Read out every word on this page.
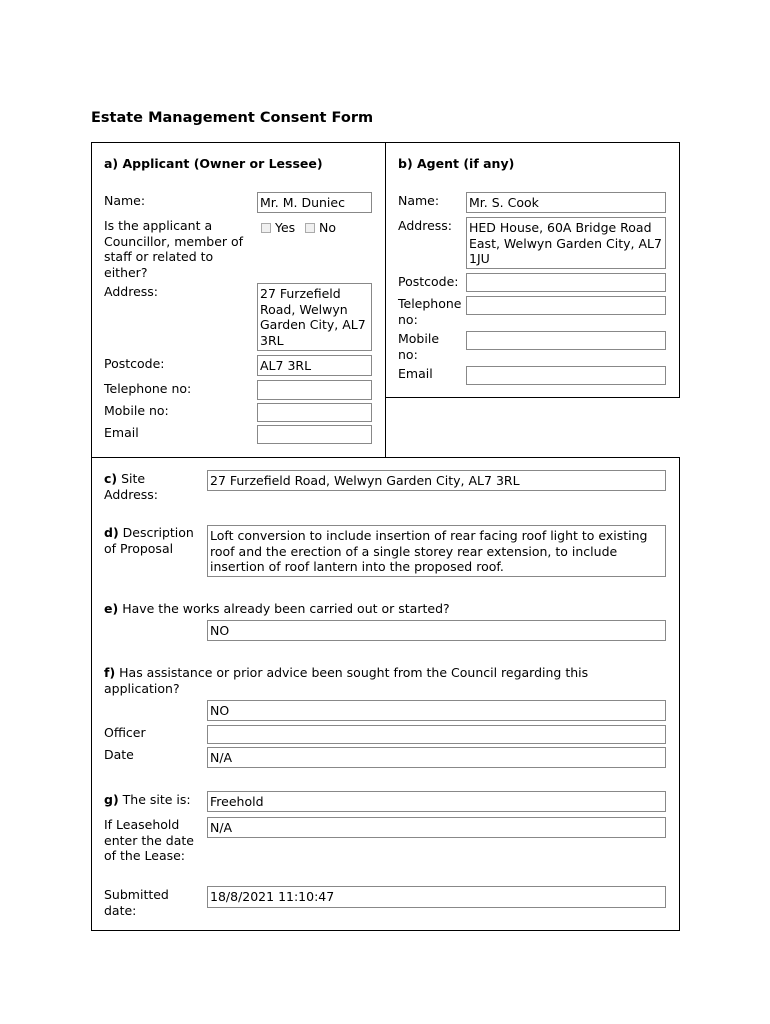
Estate Management Consent Form
a) Applicant (Owner or Lessee)
Name:	Mr. M. Duniec
Is the applicant a Councillor, member of staff or related to either?
Yes	No
Address:	27 Furzefield Road, Welwyn Garden City, AL7 3RL
Postcode:	AL7 3RL
Telephone no:
Mobile no:
Email
b) Agent (if any)
Name: Mr. S. Cook
Address: HED House, 60A Bridge Road East, Welwyn Garden City, AL7 1JU
Postcode:
Telephone no:
Mobile no:
Email
c) Site Address:
27 Furzefield Road, Welwyn Garden City, AL7 3RL
d) Description of Proposal
Loft conversion to include insertion of rear facing roof light to existing roof and the erection of a single storey rear extension, to include insertion of roof lantern into the proposed roof.
e) Have the works already been carried out or started?
NO
f) Has assistance or prior advice been sought from the Council regarding this application?
NO
Officer
Date	N/A
g) The site is:	Freehold
If Leasehold enter the date of the Lease:
N/A
Submitted date:
18/8/2021 11:10:47
